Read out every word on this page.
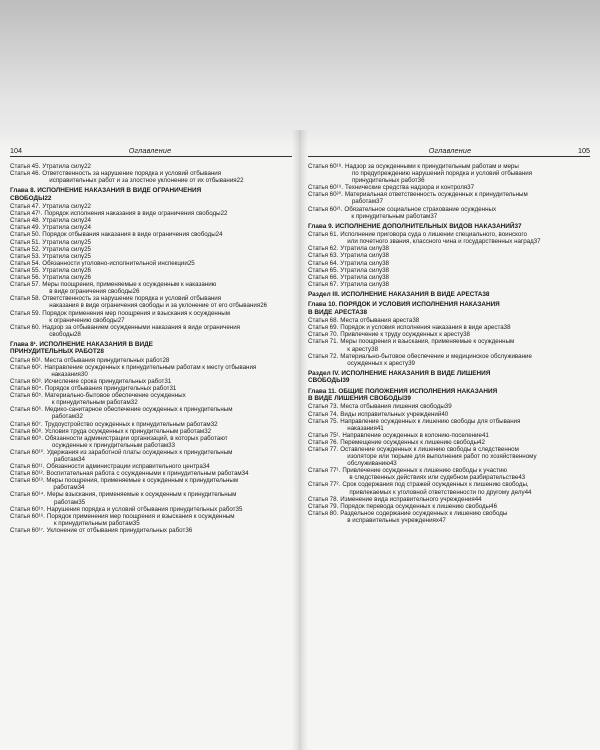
104	Оглавление
Статья 45. Утратила силу 22
Статья 46. Ответственность за нарушение порядка и условий отбывания
исправительных работ и за злостное уклонение от их отбывания 22
Глава 8. ИСПОЛНЕНИЕ НАКАЗАНИЯ В ВИДЕ ОГРАНИЧЕНИЯ
СВОБОДЫ 22
Статья 47. Утратила силу 22
Статья 47¹. Порядок исполнения наказания в виде ограничения свободы 22
Статья 48. Утратила силу 24
Статья 49. Утратила силу 24
Статья 50. Порядок отбывания наказания в виде ограничения свободы 24
Статья 51. Утратила силу 25
Статья 52. Утратила силу 25
Статья 53. Утратила силу 25
Статья 54. Обязанности уголовно-исполнительной инспекции 25
Статья 55. Утратила силу 26
Статья 56. Утратила силу 26
Статья 57. Меры поощрения, применяемые к осужденным к наказанию
в виде ограничения свободы 26
Статья 58. Ответственность за нарушение порядка и условий отбывания
наказания в виде ограничения свободы и за уклонение от его отбывания 26
Статья 59. Порядок применения мер поощрения и взыскания к осужденным
к ограничению свободы 27
Статья 60. Надзор за отбыванием осужденными наказания в виде ограничения
свободы 28
Глава 8¹. ИСПОЛНЕНИЕ НАКАЗАНИЯ В ВИДЕ
ПРИНУДИТЕЛЬНЫХ РАБОТ 28
Статья 60¹. Места отбывания принудительных работ 28
Статья 60². Направление осужденных к принудительным работам к месту отбывания
наказания 30
Статья 60³. Исчисление срока принудительных работ 31
Статья 60⁴. Порядок отбывания принудительных работ 31
Статья 60⁵. Материально-бытовое обеспечение осужденных
к принудительным работам 32
Статья 60⁶. Медико-санитарное обеспечение осужденных к принудительным
работам 32
Статья 60⁷. Трудоустройство осужденных к принудительным работам 32
Статья 60⁸. Условия труда осужденных к принудительным работам 32
Статья 60⁹. Обязанности администрации организаций, в которых работают
осужденные к принудительным работам 33
Статья 60¹⁰. Удержания из заработной платы осужденных к принудительным
работам 34
Статья 60¹¹. Обязанности администрации исправительного центра 34
Статья 60¹². Воспитательная работа с осужденными к принудительным работам 34
Статья 60¹³. Меры поощрения, применяемые к осужденным к принудительным
работам 34
Статья 60¹⁴. Меры взыскания, применяемые к осужденным к принудительным
работам 35
Статья 60¹⁵. Нарушения порядка и условий отбывания принудительных работ 35
Статья 60¹⁶. Порядок применения мер поощрения и взыскания к осужденным
к принудительным работам 35
Статья 60¹⁷. Уклонение от отбывания принудительных работ 36
Оглавление	105
Статья 60¹⁸. Надзор за осужденными к принудительным работам и меры
по предупреждению нарушений порядка и условий отбывания
принудительных работ 36
Статья 60¹⁹. Технические средства надзора и контроля 37
Статья 60²⁰. Материальная ответственность осужденных к принудительным
работам 37
Статья 60²¹. Обязательное социальное страхование осужденных
к принудительным работам 37
Глава 9. ИСПОЛНЕНИЕ ДОПОЛНИТЕЛЬНЫХ ВИДОВ НАКАЗАНИЙ 37
Статья 61. Исполнение приговора суда о лишении специального, воинского
или почетного звания, классного чина и государственных наград 37
Статья 62. Утратила силу 38
Статья 63. Утратила силу 38
Статья 64. Утратила силу 38
Статья 65. Утратила силу 38
Статья 66. Утратила силу 38
Статья 67. Утратила силу 38
Раздел III. ИСПОЛНЕНИЕ НАКАЗАНИЯ В ВИДЕ АРЕСТА 38
Глава 10. ПОРЯДОК И УСЛОВИЯ ИСПОЛНЕНИЯ НАКАЗАНИЯ
В ВИДЕ АРЕСТА 38
Статья 68. Места отбывания ареста 38
Статья 69. Порядок и условия исполнения наказания в виде ареста 38
Статья 70. Привлечение к труду осужденных к аресту 38
Статья 71. Меры поощрения и взыскания, применяемые к осужденным
к аресту 38
Статья 72. Материально-бытовое обеспечение и медицинское обслуживание
осужденных к аресту 39
Раздел IV. ИСПОЛНЕНИЕ НАКАЗАНИЯ В ВИДЕ ЛИШЕНИЯ
СВОБОДЫ 39
Глава 11. ОБЩИЕ ПОЛОЖЕНИЯ ИСПОЛНЕНИЯ НАКАЗАНИЯ
В ВИДЕ ЛИШЕНИЯ СВОБОДЫ 39
Статья 73. Места отбывания лишения свободы 39
Статья 74. Виды исправительных учреждений 40
Статья 75. Направление осужденных к лишению свободы для отбывания
наказания 41
Статья 75¹. Направление осужденных в колонию-поселение 41
Статья 76. Перемещение осужденных к лишению свободы 42
Статья 77. Оставление осужденных к лишению свободы в следственном
изоляторе или тюрьме для выполнения работ по хозяйственному
обслуживанию 43
Статья 77¹. Привлечение осужденных к лишению свободы к участию
в следственных действиях или судебном разбирательстве 43
Статья 77². Срок содержания под стражей осужденных к лишению свободы,
привлекаемых к уголовной ответственности по другому делу 44
Статья 78. Изменение вида исправительного учреждения 44
Статья 79. Порядок перевода осужденных к лишению свободы 46
Статья 80. Раздельное содержание осужденных к лишению свободы
в исправительных учреждениях 47
